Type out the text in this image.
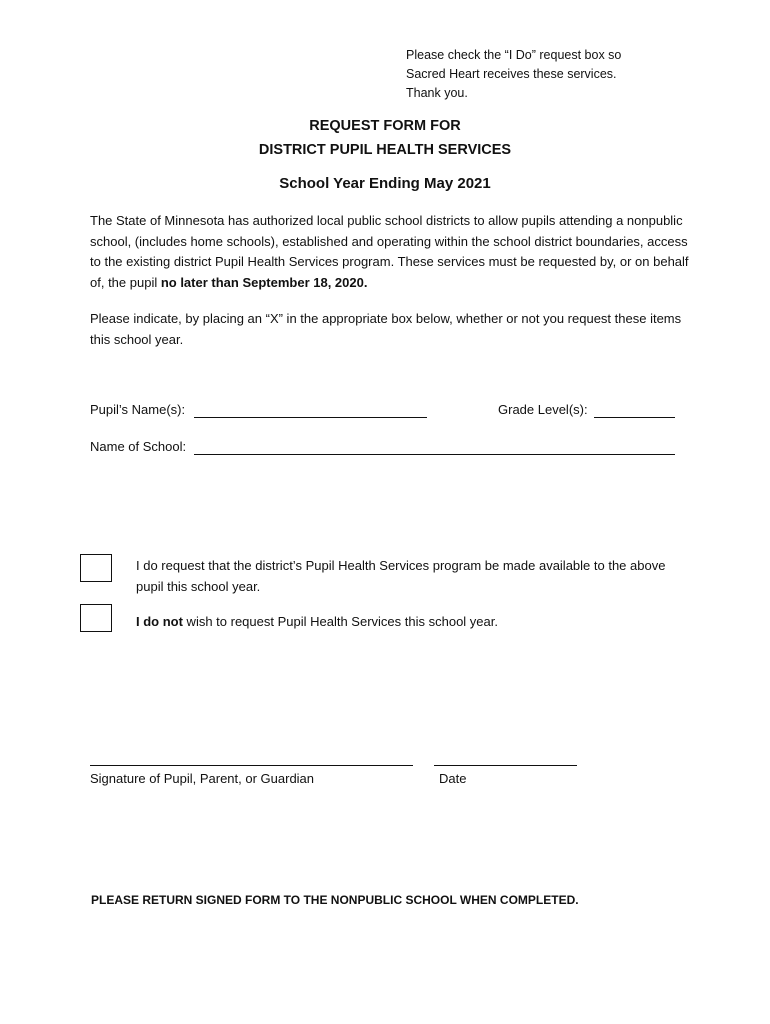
Please check the “I Do” request box so
Sacred Heart receives these services.
Thank you.
REQUEST FORM FOR
DISTRICT PUPIL HEALTH SERVICES
School Year Ending May 2021
The State of Minnesota has authorized local public school districts to allow pupils attending a nonpublic school, (includes home schools), established and operating within the school district boundaries, access to the existing district Pupil Health Services program. These services must be requested by, or on behalf of, the pupil no later than September 18, 2020.
Please indicate, by placing an “X” in the appropriate box below, whether or not you request these items this school year.
Pupil’s Name(s):	Grade Level(s):
Name of School:
I do request that the district’s Pupil Health Services program be made available to the above pupil this school year.
I do not wish to request Pupil Health Services this school year.
Signature of Pupil, Parent, or Guardian	Date
PLEASE RETURN SIGNED FORM TO THE NONPUBLIC SCHOOL WHEN COMPLETED.
